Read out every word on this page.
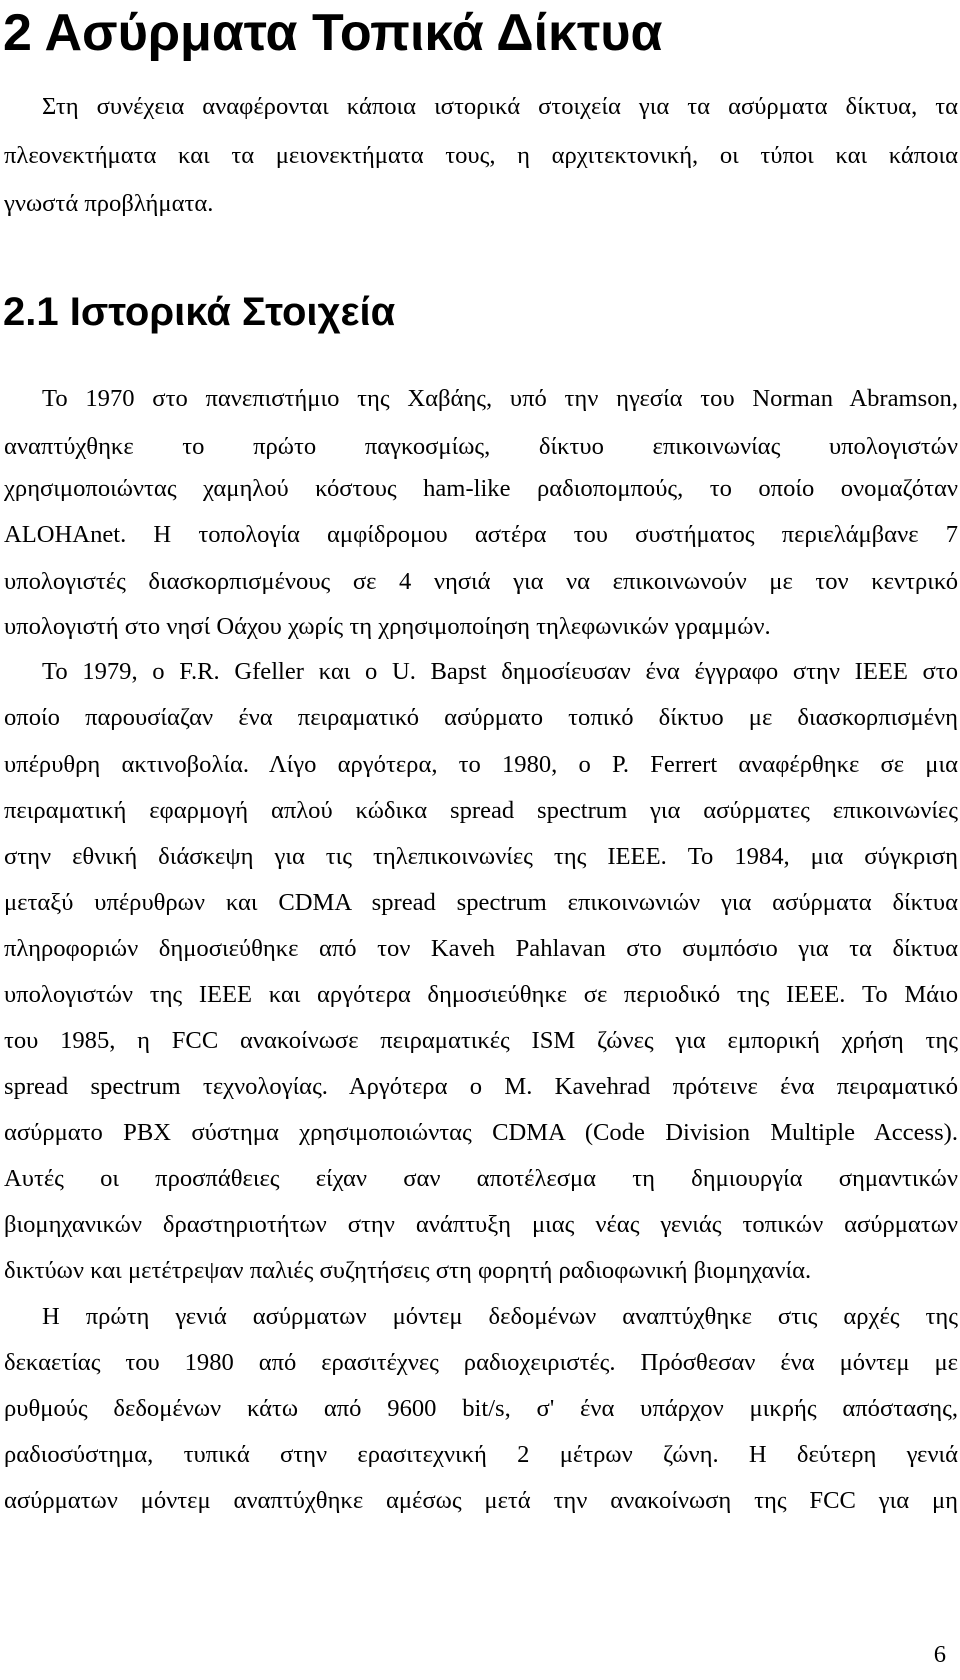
2 Ασύρματα Τοπικά Δίκτυα
Στη συνέχεια αναφέρονται κάποια ιστορικά στοιχεία για τα ασύρματα δίκτυα, τα
πλεονεκτήματα και τα μειονεκτήματα τους, η αρχιτεκτονική, οι τύποι και κάποια
γνωστά προβλήματα.
2.1 Ιστορικά Στοιχεία
Το 1970 στο πανεπιστήμιο της Χαβάης, υπό την ηγεσία του Norman Abramson,
αναπτύχθηκε το πρώτο παγκοσμίως, δίκτυο επικοινωνίας υπολογιστών
χρησιμοποιώντας χαμηλού κόστους ham-like ραδιοπομπούς, το οποίο ονομαζόταν
ALOHAnet. Η τοπολογία αμφίδρομου αστέρα του συστήματος περιελάμβανε 7
υπολογιστές διασκορπισμένους σε 4 νησιά για να επικοινωνούν με τον κεντρικό
υπολογιστή στο νησί Οάχου χωρίς τη χρησιμοποίηση τηλεφωνικών γραμμών.
Το 1979, ο F.R. Gfeller και ο U. Bapst δημοσίευσαν ένα έγγραφο στην IEEE στο
οποίο παρουσίαζαν ένα πειραματικό ασύρματο τοπικό δίκτυο με διασκορπισμένη
υπέρυθρη ακτινοβολία. Λίγο αργότερα, το 1980, ο P. Ferrert αναφέρθηκε σε μια
πειραματική εφαρμογή απλού κώδικα spread spectrum για ασύρματες επικοινωνίες
στην εθνική διάσκεψη για τις τηλεπικοινωνίες της IEEE. Το 1984, μια σύγκριση
μεταξύ υπέρυθρων και CDMA spread spectrum επικοινωνιών για ασύρματα δίκτυα
πληροφοριών δημοσιεύθηκε από τον Kaveh Pahlavan στο συμπόσιο για τα δίκτυα
υπολογιστών της IEEE και αργότερα δημοσιεύθηκε σε περιοδικό της IEEE. Το Μάιο
του 1985, η FCC ανακοίνωσε πειραματικές ISM ζώνες για εμπορική χρήση της
spread spectrum τεχνολογίας. Αργότερα ο M. Kavehrad πρότεινε ένα πειραματικό
ασύρματο PBX σύστημα χρησιμοποιώντας CDMA (Code Division Multiple Access).
Αυτές οι προσπάθειες είχαν σαν αποτέλεσμα τη δημιουργία σημαντικών
βιομηχανικών δραστηριοτήτων στην ανάπτυξη μιας νέας γενιάς τοπικών ασύρματων
δικτύων και μετέτρεψαν παλιές συζητήσεις στη φορητή ραδιοφωνική βιομηχανία.
Η πρώτη γενιά ασύρματων μόντεμ δεδομένων αναπτύχθηκε στις αρχές της
δεκαετίας του 1980 από ερασιτέχνες ραδιοχειριστές. Πρόσθεσαν ένα μόντεμ με
ρυθμούς δεδομένων κάτω από 9600 bit/s, σ' ένα υπάρχον μικρής απόστασης,
ραδιοσύστημα, τυπικά στην ερασιτεχνική 2 μέτρων ζώνη. Η δεύτερη γενιά
ασύρματων μόντεμ αναπτύχθηκε αμέσως μετά την ανακοίνωση της FCC για μη
6
